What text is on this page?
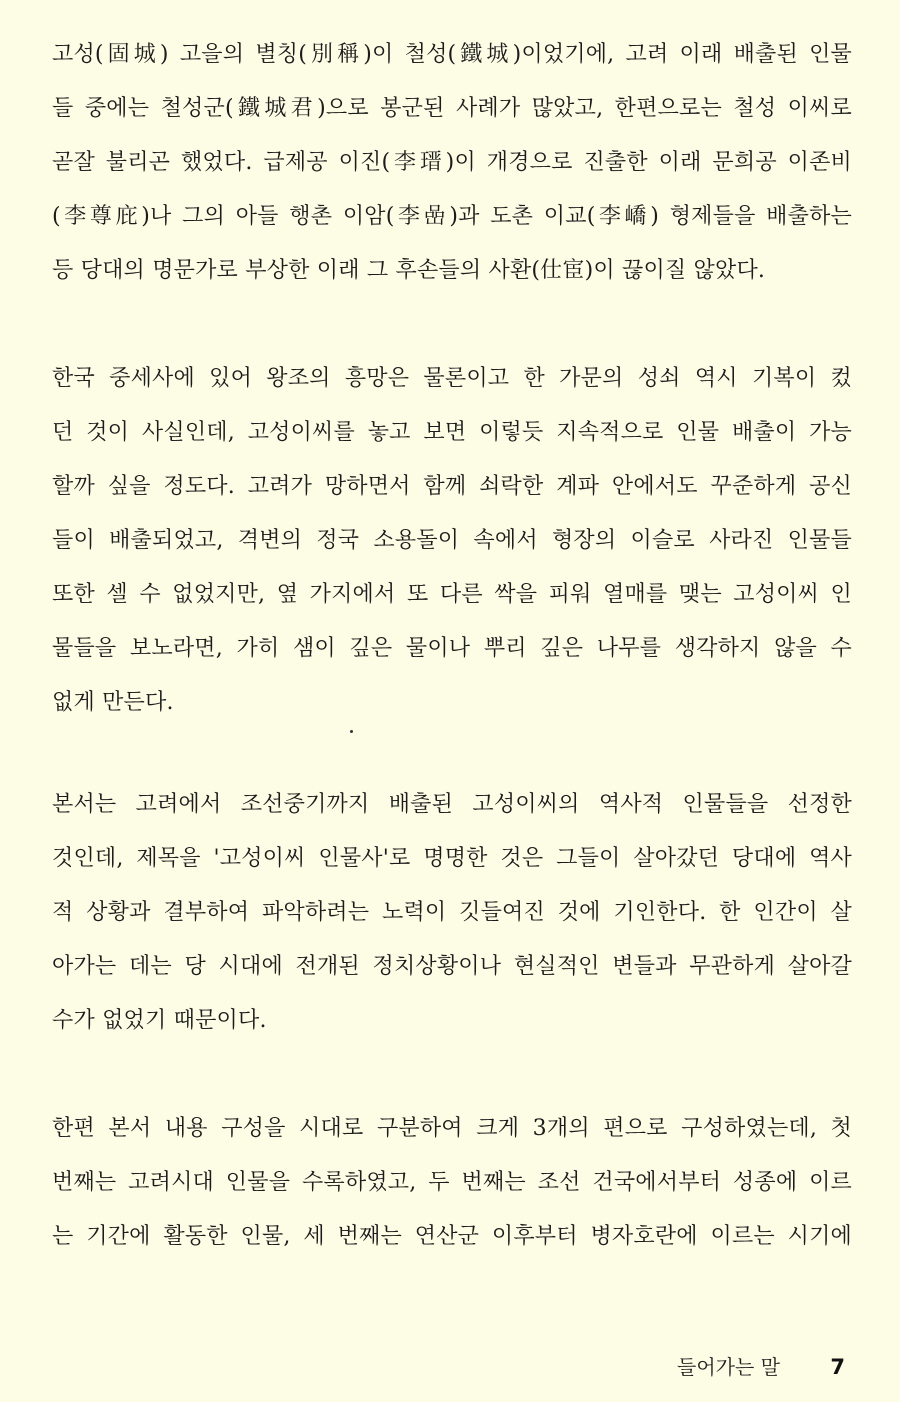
고성(固城) 고을의 별칭(別稱)이 철성(鐵城)이었기에, 고려 이래 배출된 인물
들 중에는 철성군(鐵城君)으로 봉군된 사례가 많았고, 한편으로는 철성 이씨로
곧잘 불리곤 했었다. 급제공 이진(李瑨)이 개경으로 진출한 이래 문희공 이존비
(李尊庇)나 그의 아들 행촌 이암(李嵒)과 도촌 이교(李嶠) 형제들을 배출하는
등 당대의 명문가로 부상한 이래 그 후손들의 사환(仕宦)이 끊이질 않았다.
한국 중세사에 있어 왕조의 흥망은 물론이고 한 가문의 성쇠 역시 기복이 컸
던 것이 사실인데, 고성이씨를 놓고 보면 이렇듯 지속적으로 인물 배출이 가능
할까 싶을 정도다. 고려가 망하면서 함께 쇠락한 계파 안에서도 꾸준하게 공신
들이 배출되었고, 격변의 정국 소용돌이 속에서 형장의 이슬로 사라진 인물들
또한 셀 수 없었지만, 옆 가지에서 또 다른 싹을 피워 열매를 맺는 고성이씨 인
물들을 보노라면, 가히 샘이 깊은 물이나 뿌리 깊은 나무를 생각하지 않을 수
없게 만든다.
본서는 고려에서 조선중기까지 배출된 고성이씨의 역사적 인물들을 선정한
것인데, 제목을 '고성이씨 인물사'로 명명한 것은 그들이 살아갔던 당대에 역사
적 상황과 결부하여 파악하려는 노력이 깃들여진 것에 기인한다. 한 인간이 살
아가는 데는 당 시대에 전개된 정치상황이나 현실적인 변들과 무관하게 살아갈
수가 없었기 때문이다.
한편 본서 내용 구성을 시대로 구분하여 크게 3개의 편으로 구성하였는데, 첫
번째는 고려시대 인물을 수록하였고, 두 번째는 조선 건국에서부터 성종에 이르
는 기간에 활동한 인물, 세 번째는 연산군 이후부터 병자호란에 이르는 시기에
들어가는 말 7
